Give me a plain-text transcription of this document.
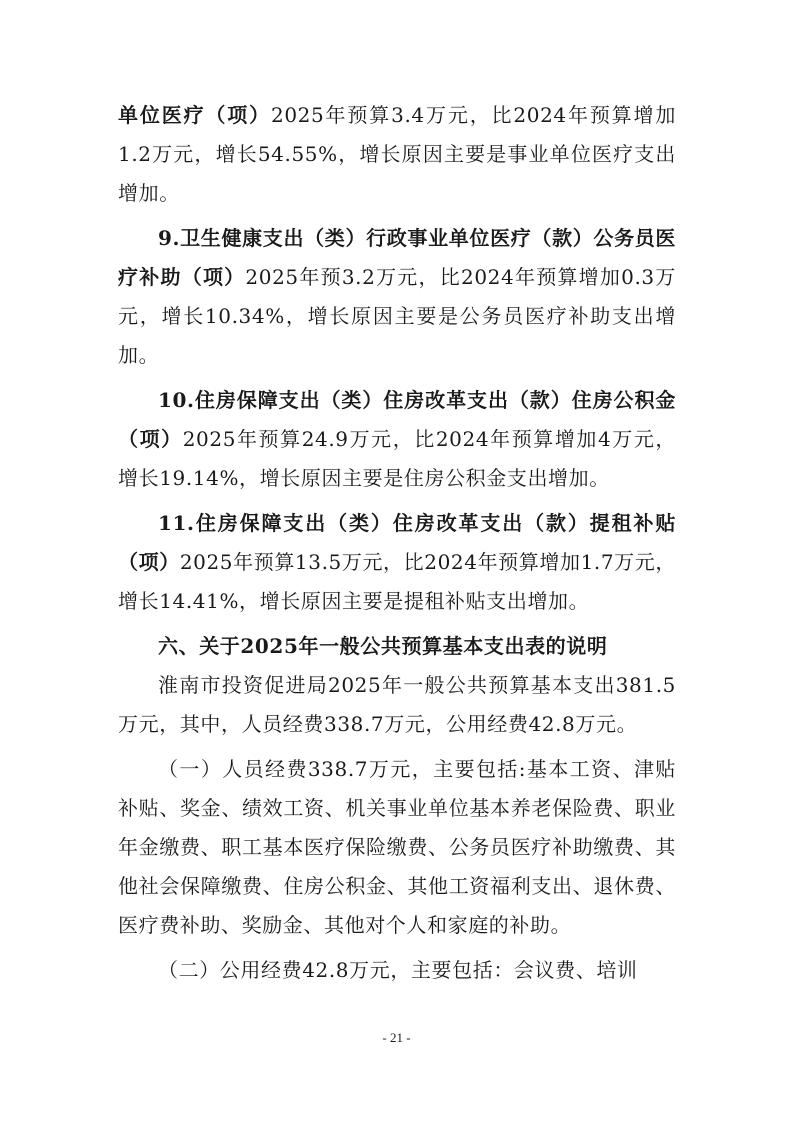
单位医疗（项）2025年预算3.4万元，比2024年预算增加1.2万元，增长54.55%，增长原因主要是事业单位医疗支出增加。

9.卫生健康支出（类）行政事业单位医疗（款）公务员医疗补助（项）2025年预3.2万元，比2024年预算增加0.3万元，增长10.34%，增长原因主要是公务员医疗补助支出增加。

10.住房保障支出（类）住房改革支出（款）住房公积金（项）2025年预算24.9万元，比2024年预算增加4万元，增长19.14%，增长原因主要是住房公积金支出增加。

11.住房保障支出（类）住房改革支出（款）提租补贴（项）2025年预算13.5万元，比2024年预算增加1.7万元，增长14.41%，增长原因主要是提租补贴支出增加。

六、关于2025年一般公共预算基本支出表的说明

淮南市投资促进局2025年一般公共预算基本支出381.5万元，其中，人员经费338.7万元，公用经费42.8万元。

（一）人员经费338.7万元，主要包括:基本工资、津贴补贴、奖金、绩效工资、机关事业单位基本养老保险费、职业年金缴费、职工基本医疗保险缴费、公务员医疗补助缴费、其他社会保障缴费、住房公积金、其他工资福利支出、退休费、医疗费补助、奖励金、其他对个人和家庭的补助。

（二）公用经费42.8万元，主要包括：会议费、培训

- 21 -
